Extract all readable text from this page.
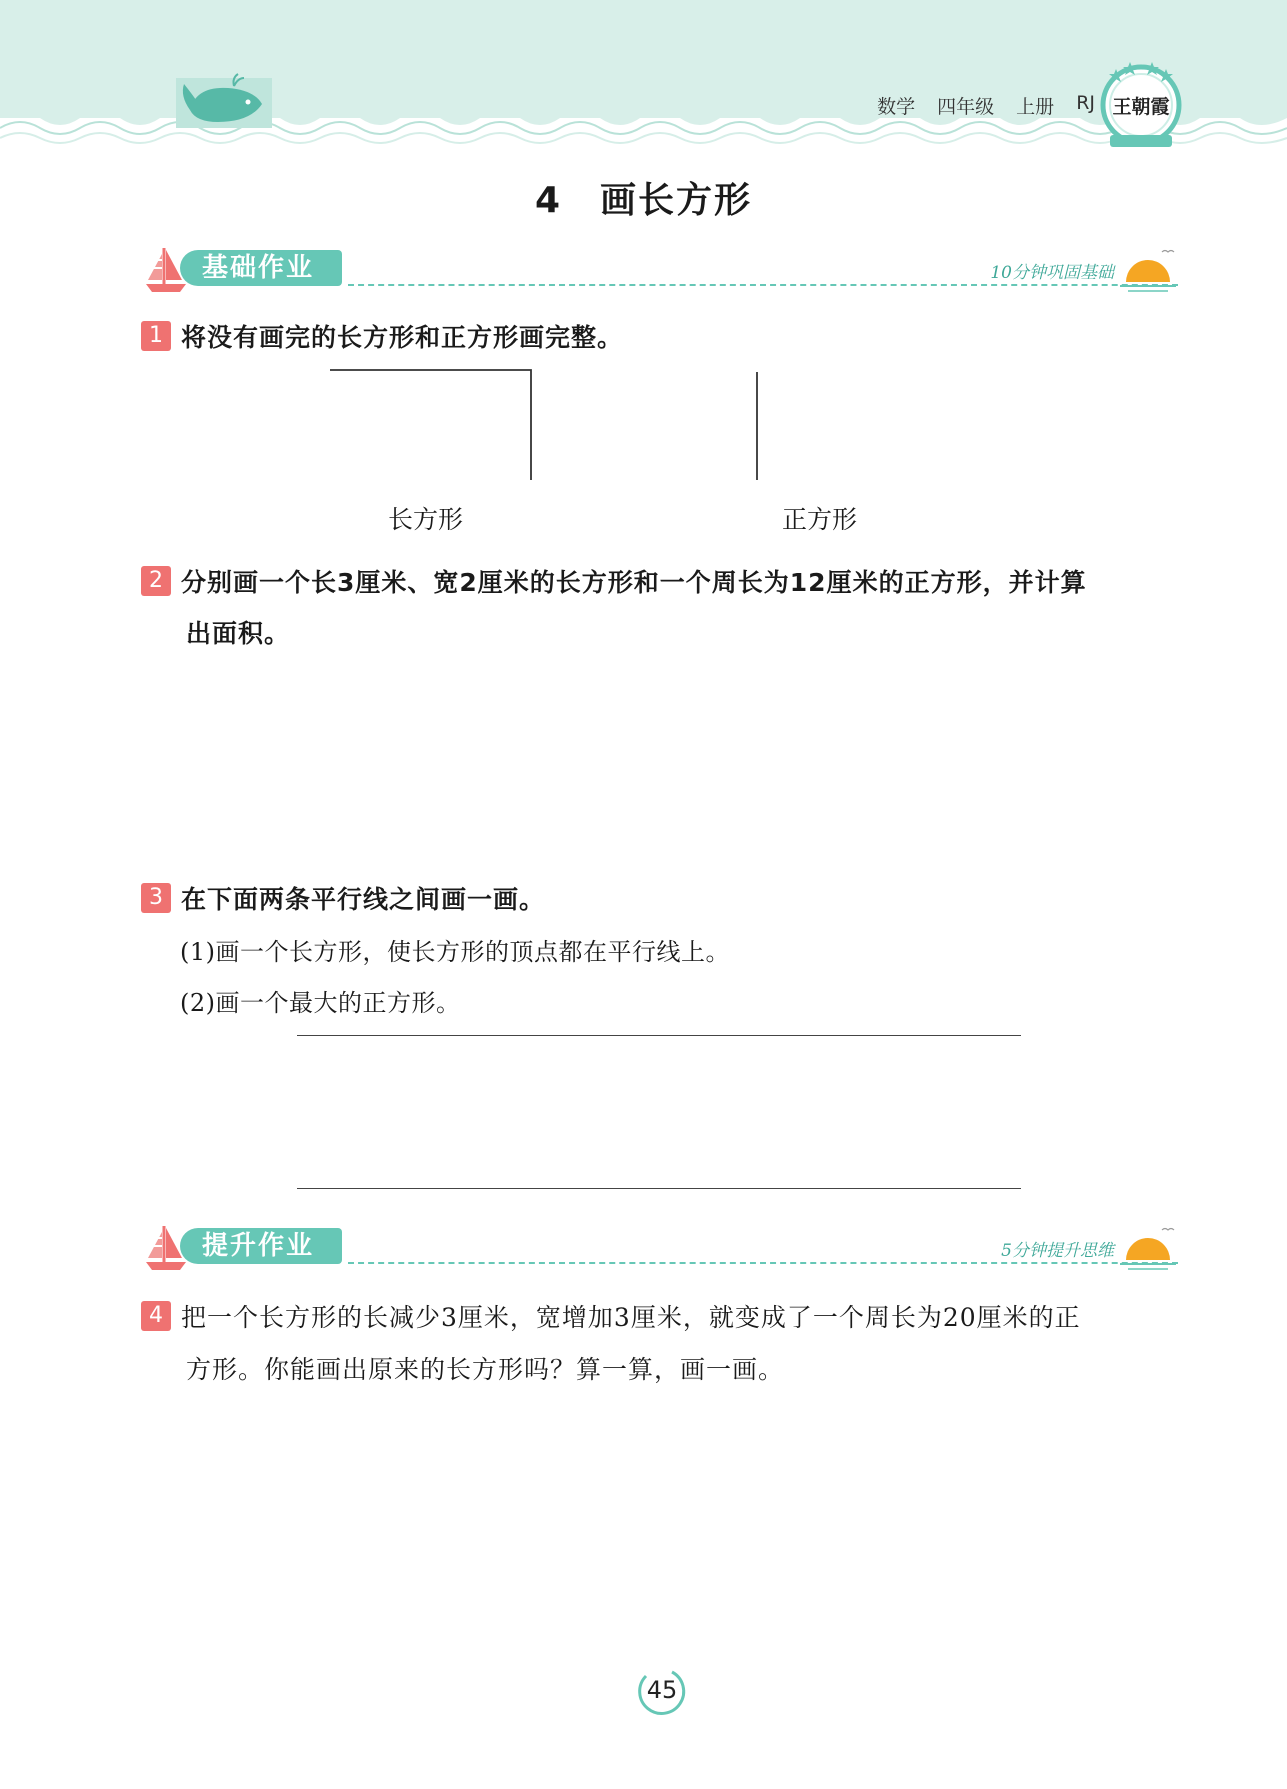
数学 四年级 上册 RJ 王朝霞
4　画长方形
基础作业	10分钟巩固基础
1 将没有画完的长方形和正方形画完整。
长方形	正方形
2 分别画一个长3厘米、宽2厘米的长方形和一个周长为12厘米的正方形，并计算
出面积。
3 在下面两条平行线之间画一画。
(1)画一个长方形，使长方形的顶点都在平行线上。
(2)画一个最大的正方形。
提升作业	5分钟提升思维
4 把一个长方形的长减少3厘米，宽增加3厘米，就变成了一个周长为20厘米的正
方形。你能画出原来的长方形吗？算一算，画一画。
45
